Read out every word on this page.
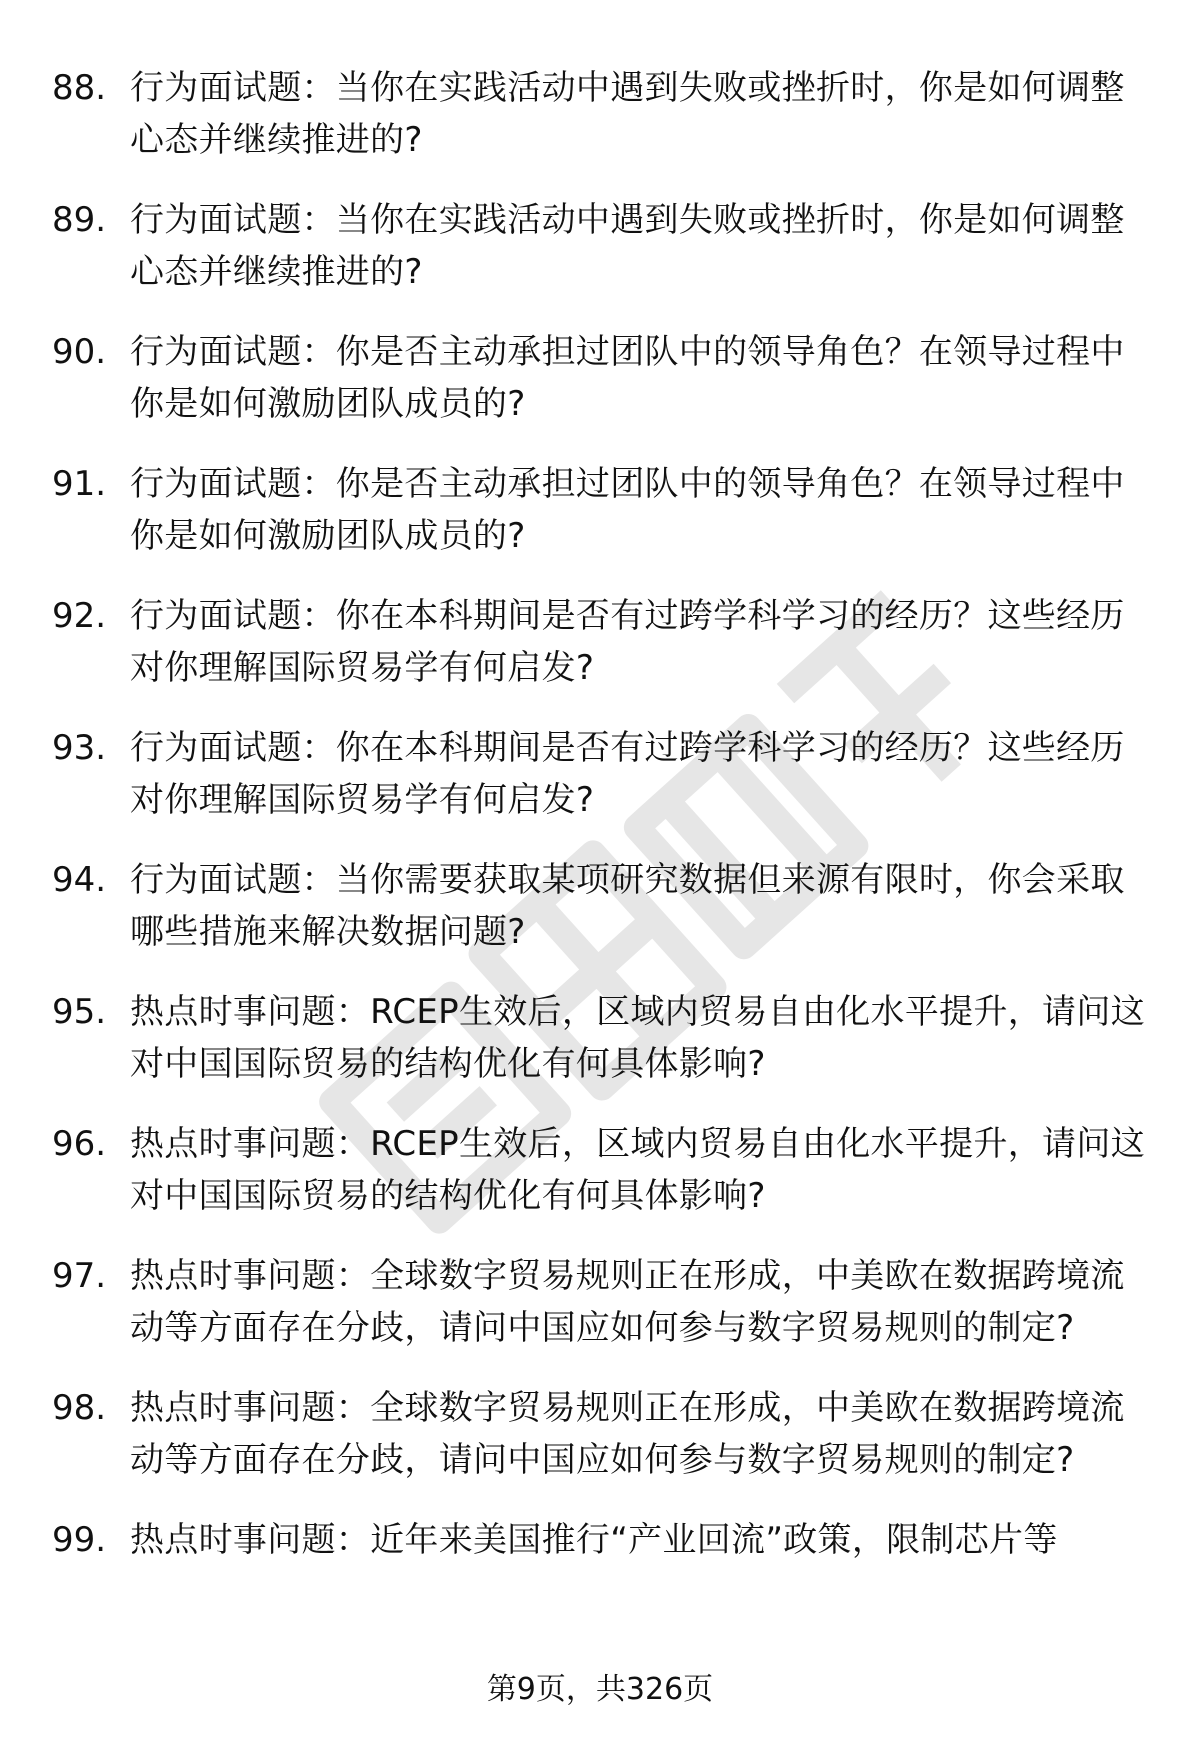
88. 行为面试题：当你在实践活动中遇到失败或挫折时，你是如何调整心态并继续推进的?
89. 行为面试题：当你在实践活动中遇到失败或挫折时，你是如何调整心态并继续推进的?
90. 行为面试题：你是否主动承担过团队中的领导角色？在领导过程中你是如何激励团队成员的?
91. 行为面试题：你是否主动承担过团队中的领导角色？在领导过程中你是如何激励团队成员的?
92. 行为面试题：你在本科期间是否有过跨学科学习的经历？这些经历对你理解国际贸易学有何启发?
93. 行为面试题：你在本科期间是否有过跨学科学习的经历？这些经历对你理解国际贸易学有何启发?
94. 行为面试题：当你需要获取某项研究数据但来源有限时，你会采取哪些措施来解决数据问题?
95. 热点时事问题：RCEP生效后，区域内贸易自由化水平提升，请问这对中国国际贸易的结构优化有何具体影响?
96. 热点时事问题：RCEP生效后，区域内贸易自由化水平提升，请问这对中国国际贸易的结构优化有何具体影响?
97. 热点时事问题：全球数字贸易规则正在形成，中美欧在数据跨境流动等方面存在分歧，请问中国应如何参与数字贸易规则的制定?
98. 热点时事问题：全球数字贸易规则正在形成，中美欧在数据跨境流动等方面存在分歧，请问中国应如何参与数字贸易规则的制定?
99. 热点时事问题：近年来美国推行“产业回流”政策，限制芯片等
第9页，共326页
